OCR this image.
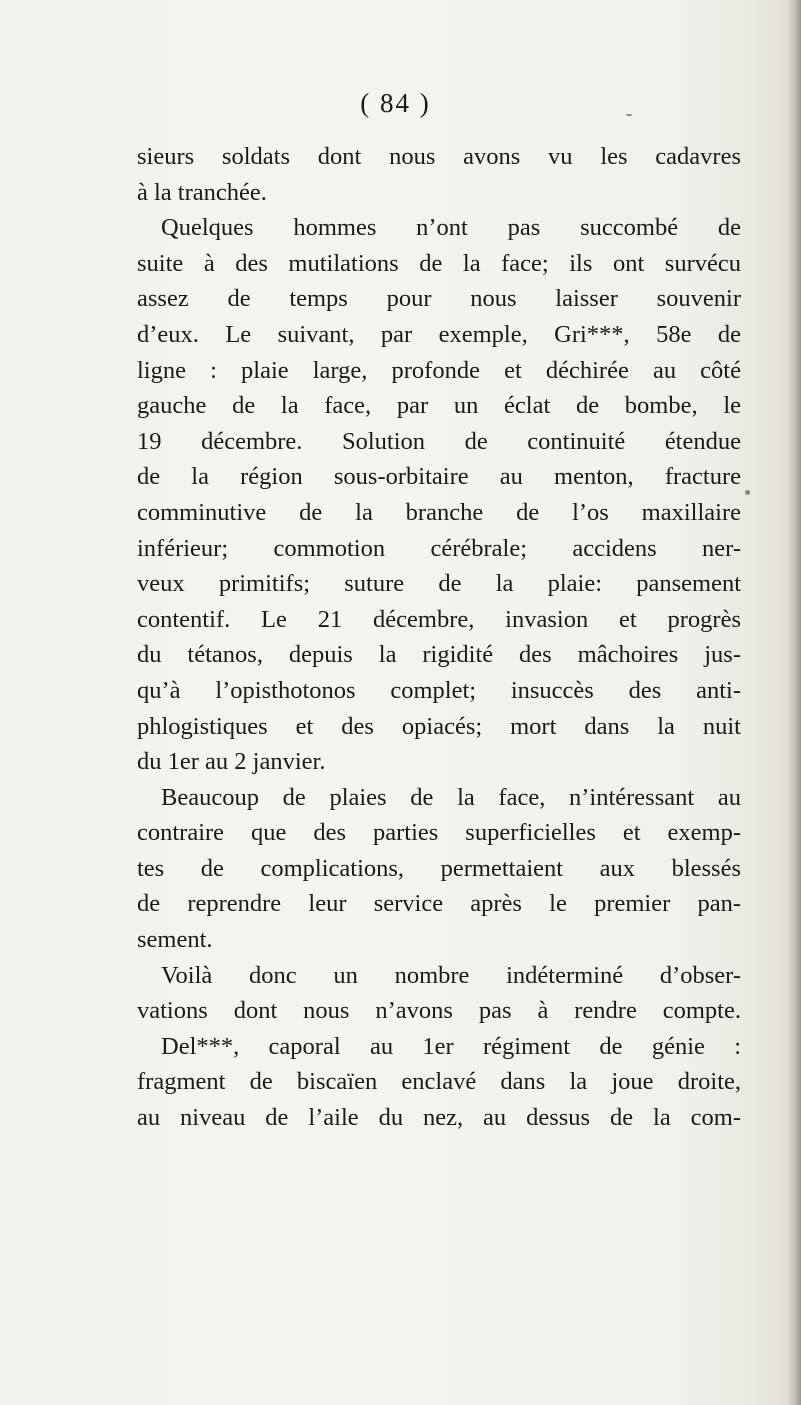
( 84 )
sieurs soldats dont nous avons vu les cadavres
à la tranchée.
Quelques hommes n’ont pas succombé de
suite à des mutilations de la face; ils ont survécu
assez de temps pour nous laisser souvenir
d’eux. Le suivant, par exemple, Gri***, 58e de
ligne : plaie large, profonde et déchirée au côté
gauche de la face, par un éclat de bombe, le
19 décembre. Solution de continuité étendue
de la région sous-orbitaire au menton, fracture
comminutive de la branche de l’os maxillaire
inférieur; commotion cérébrale; accidens ner-
veux primitifs; suture de la plaie: pansement
contentif. Le 21 décembre, invasion et progrès
du tétanos, depuis la rigidité des mâchoires jus-
qu’à l’opisthotonos complet; insuccès des anti-
phlogistiques et des opiacés; mort dans la nuit
du 1er au 2 janvier.
Beaucoup de plaies de la face, n’intéressant au
contraire que des parties superficielles et exemp-
tes de complications, permettaient aux blessés
de reprendre leur service après le premier pan-
sement.
Voilà donc un nombre indéterminé d’obser-
vations dont nous n’avons pas à rendre compte.
Del***, caporal au 1er régiment de génie :
fragment de biscaïen enclavé dans la joue droite,
au niveau de l’aile du nez, au dessus de la com-
